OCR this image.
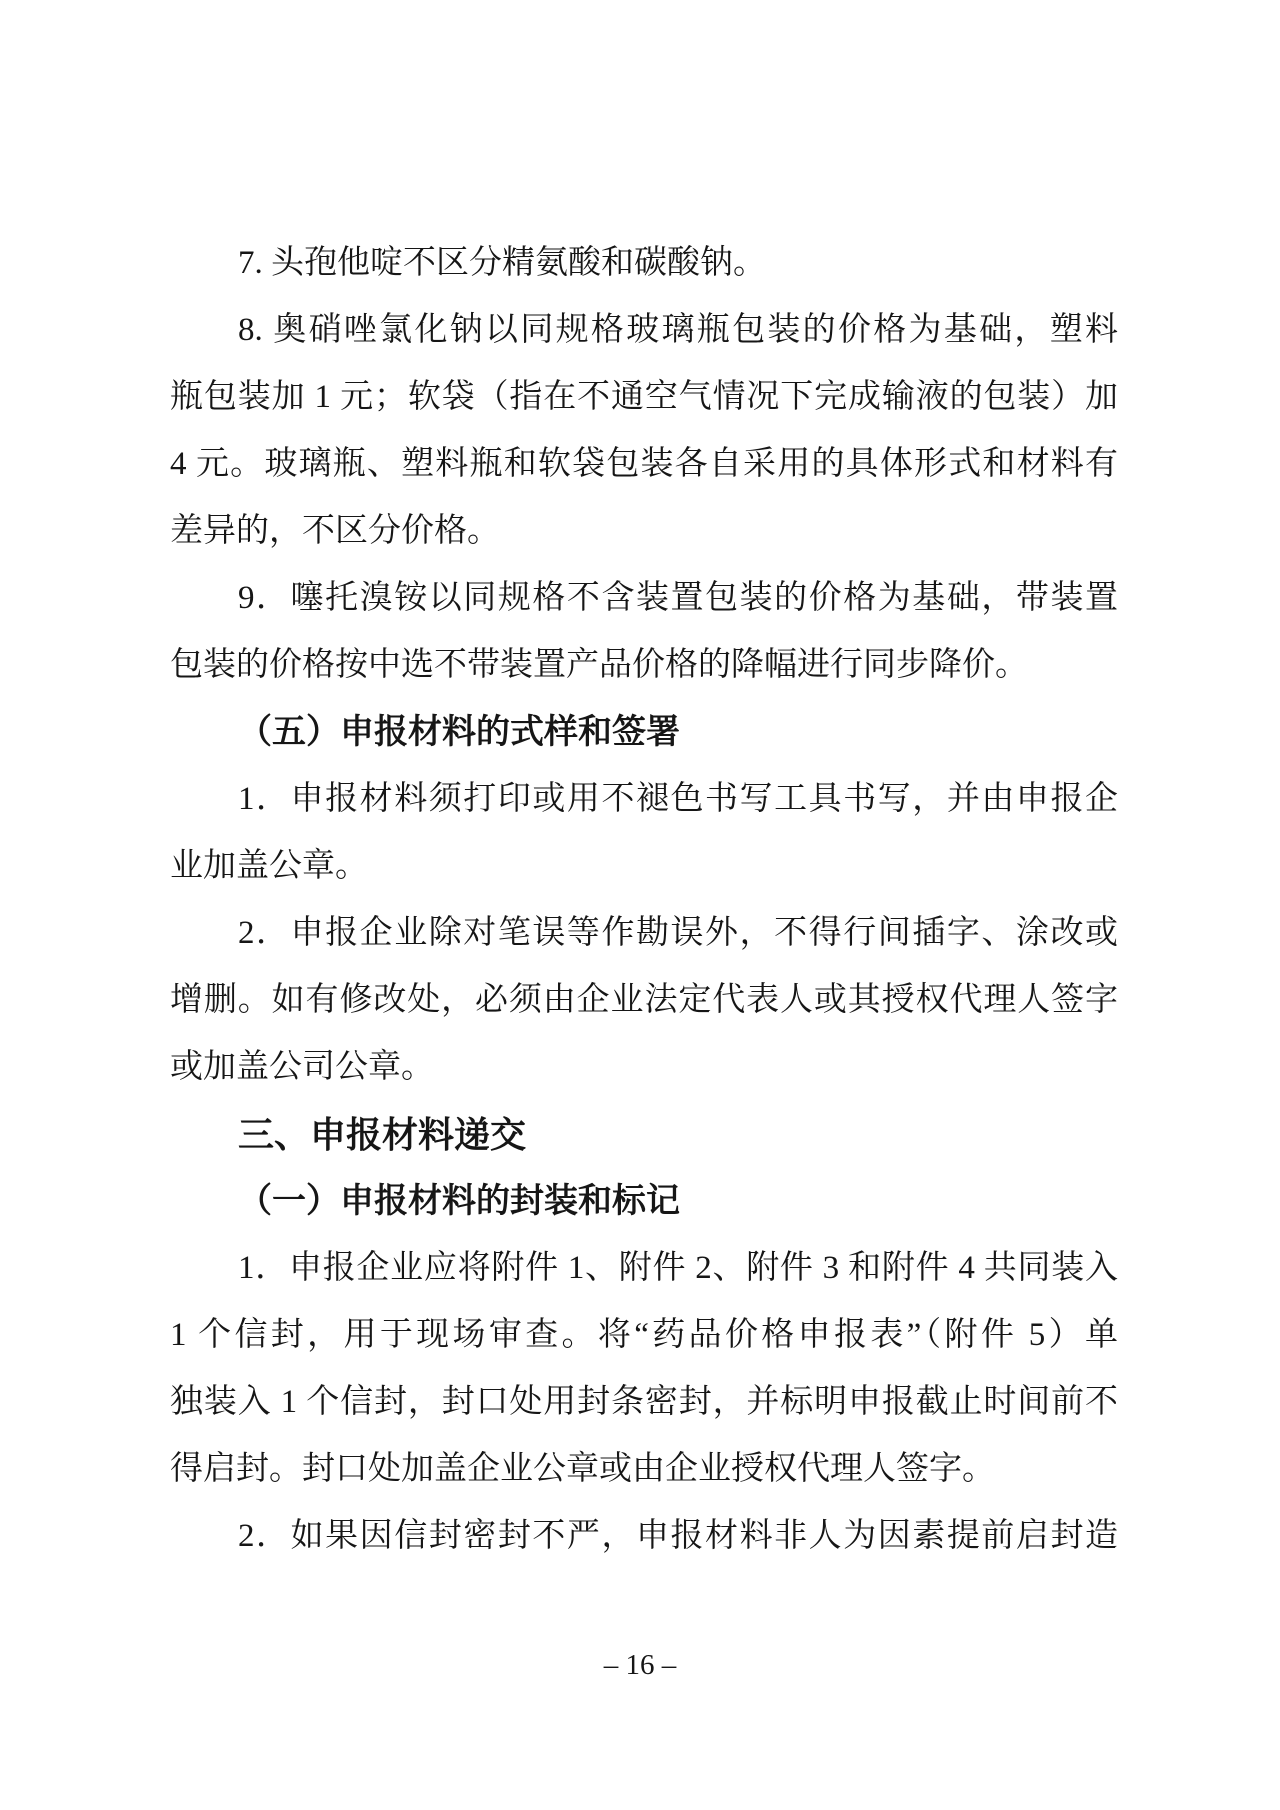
7. 头孢他啶不区分精氨酸和碳酸钠。
8. 奥硝唑氯化钠以同规格玻璃瓶包装的价格为基础，塑料
瓶包装加 1 元；软袋（指在不通空气情况下完成输液的包装）加
4 元。玻璃瓶、塑料瓶和软袋包装各自采用的具体形式和材料有
差异的，不区分价格。
9．噻托溴铵以同规格不含装置包装的价格为基础，带装置
包装的价格按中选不带装置产品价格的降幅进行同步降价。
（五）申报材料的式样和签署
1．申报材料须打印或用不褪色书写工具书写，并由申报企
业加盖公章。
2．申报企业除对笔误等作勘误外，不得行间插字、涂改或
增删。如有修改处，必须由企业法定代表人或其授权代理人签字
或加盖公司公章。
三、申报材料递交
（一）申报材料的封装和标记
1．申报企业应将附件 1、附件 2、附件 3 和附件 4 共同装入
1 个信封，用于现场审查。将“药品价格申报表”（附件 5）单
独装入 1 个信封，封口处用封条密封，并标明申报截止时间前不
得启封。封口处加盖企业公章或由企业授权代理人签字。
2．如果因信封密封不严，申报材料非人为因素提前启封造
– 16 –
